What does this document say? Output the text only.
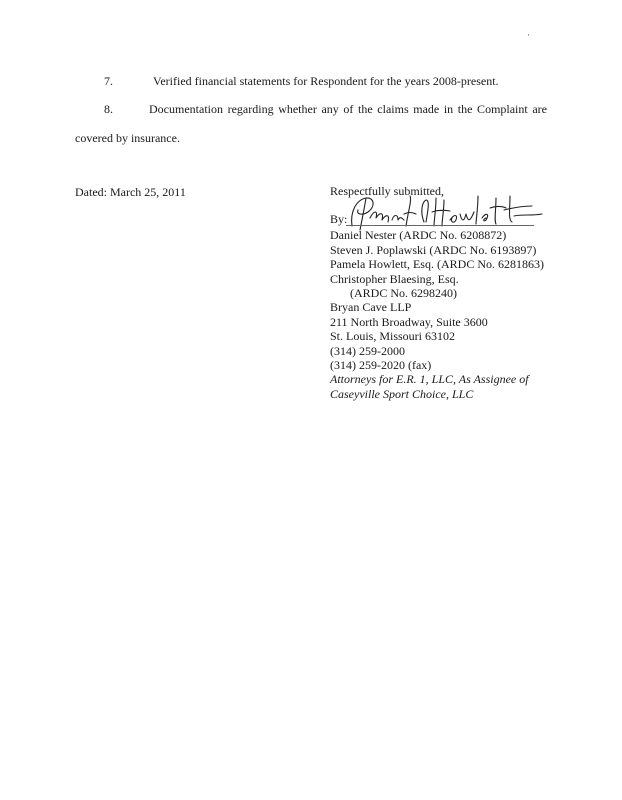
·
7.	Verified financial statements for Respondent for the years 2008-present.
8.	Documentation regarding whether any of the claims made in the Complaint are
covered by insurance.
Dated: March 25, 2011	Respectfully submitted,
By:
Daniel Nester (ARDC No. 6208872)
Steven J. Poplawski (ARDC No. 6193897)
Pamela Howlett, Esq. (ARDC No. 6281863)
Christopher Blaesing, Esq.
(ARDC No. 6298240)
Bryan Cave LLP
211 North Broadway, Suite 3600
St. Louis, Missouri 63102
(314) 259-2000
(314) 259-2020 (fax)
Attorneys for E.R. 1, LLC, As Assignee of
Caseyville Sport Choice, LLC
